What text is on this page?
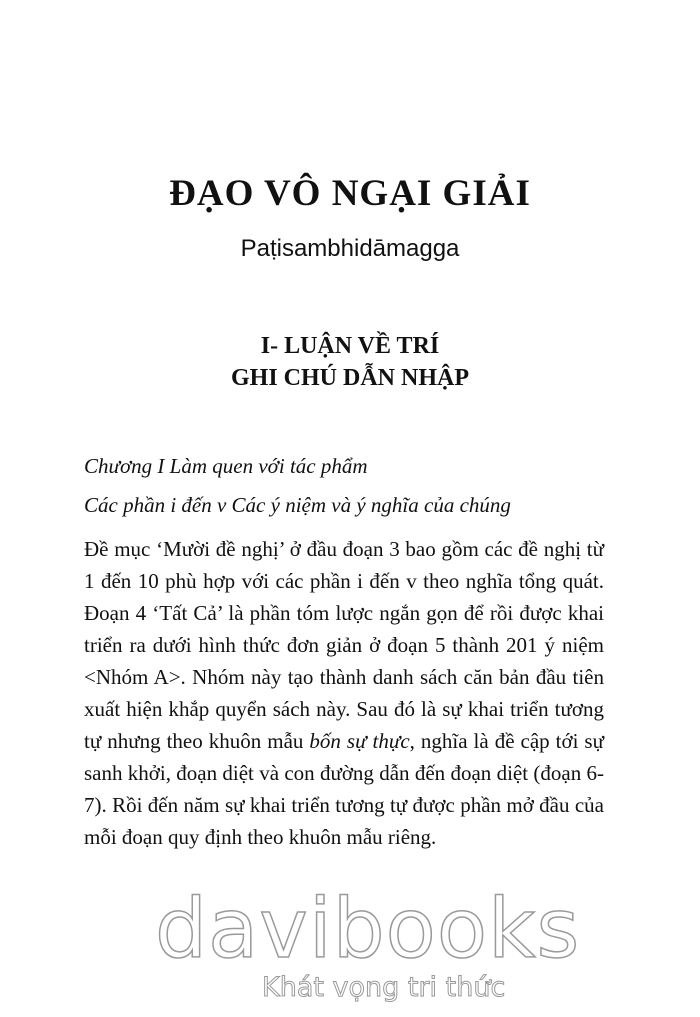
ĐẠO VÔ NGẠI GIẢI
Paṭisambhidāmagga
I- LUẬN VỀ TRÍ
GHI CHÚ DẪN NHẬP
Chương I Làm quen với tác phẩm
Các phần i đến v Các ý niệm và ý nghĩa của chúng

Đề mục ‘Mười đề nghị’ ở đầu đoạn 3 bao gồm các đề nghị từ 1 đến 10 phù hợp với các phần i đến v theo nghĩa tổng quát. Đoạn 4 ‘Tất Cả’ là phần tóm lược ngắn gọn để rồi được khai triển ra dưới hình thức đơn giản ở đoạn 5 thành 201 ý niệm <Nhóm A>. Nhóm này tạo thành danh sách căn bản đầu tiên xuất hiện khắp quyển sách này. Sau đó là sự khai triển tương tự nhưng theo khuôn mẫu bốn sự thực, nghĩa là đề cập tới sự sanh khởi, đoạn diệt và con đường dẫn đến đoạn diệt (đoạn 6-7). Rồi đến năm sự khai triển tương tự được phần mở đầu của mỗi đoạn quy định theo khuôn mẫu riêng.

davibooks
Khát vọng tri thức
